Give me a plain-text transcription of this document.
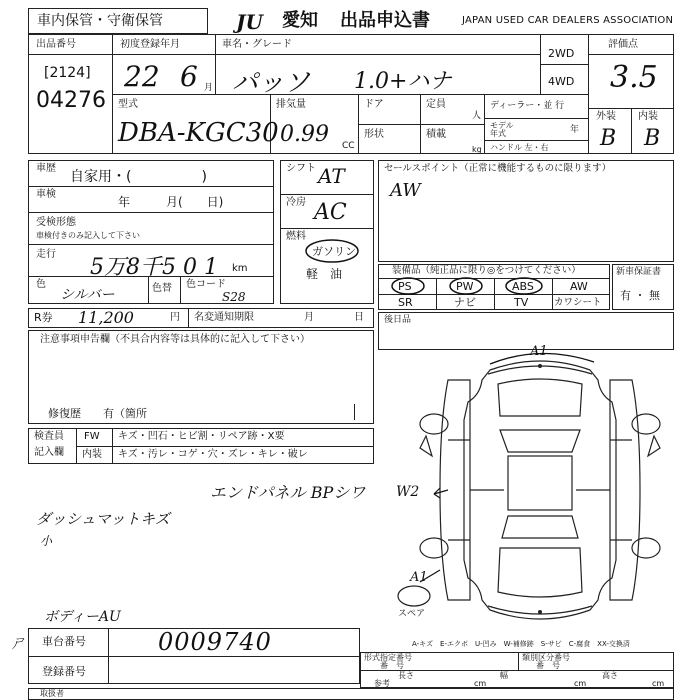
車内保管・守衛保管	JU	愛知 出品申込書	JAPAN USED CAR DEALERS ASSOCIATION
出品番号
[2124]
04276
初度登録年月
22 6 月
車名・グレード
パッソ 1.0+ハナ
2WD
4WD
評価点
3.5
外装 内装
B B
型式
DBA-KGC30
排気量
0.99 CC
ドア	定員
人
形状	積載
kg
ディーラー・並 行
モデル
年式	年
ハンドル 左・右
車歴
自家用・(　　　　　)
車検
年　　　月(　　日)
受検形態
車検付きのみ記入して下さい
走行
5万8千5 0 1 km
色
シルバー	色替 色コード
S28
シフト AT
冷房 AC
燃料
ガソリン
軽　油
セールスポイント（正常に機能するものに限ります）
AW
装備品（純正品に限り◎をつけてください）
PS	PW	ABS	AW
SR	ナビ	TV	カワシート
新車保証書
有 ・ 無
R券 11,200	円 名変通知期限	月	日 後日品
注意事項申告欄（不具合内容等は具体的に記入して下さい）
修復歴　　有（箇所
検査員
記入欄
FW キズ・凹石・ヒビ割・リペア跡・X要
内装 キズ・汚レ・コゲ・穴・ズレ・キレ・破レ
エンドパネル BPシワ W2
ダッシュマットキズ
小
ボディーAU
A1
A1
スペア
A-キズ　E-エクボ　U-凹み　W-補修跡　S-サビ　C-腐食　XX-交換済
車台番号	0009740
登録番号
ㄕ
形式指定番号
番　号
類別区分番号
番　号
長さ	幅	高さ
参考	cm	cm	cm
取扱者
